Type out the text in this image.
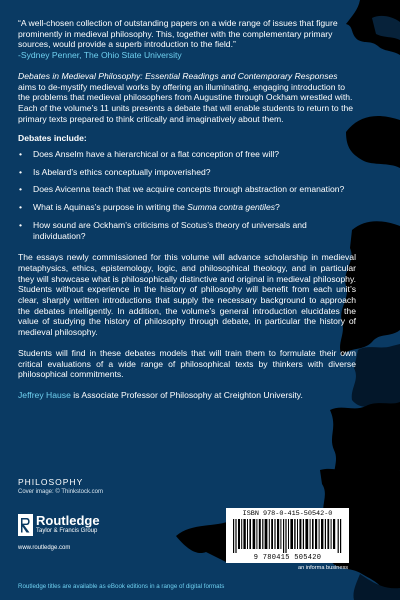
“A well-chosen collection of outstanding papers on a wide range of issues that figure prominently in medieval philosophy. This, together with the complementary primary sources, would provide a superb introduction to the field.”
-Sydney Penner, The Ohio State University

Debates in Medieval Philosophy: Essential Readings and Contemporary Responses aims to de-mystify medieval works by offering an illuminating, engaging introduction to the problems that medieval philosophers from Augustine through Ockham wrestled with. Each of the volume’s 11 units presents a debate that will enable students to return to the primary texts prepared to think critically and imaginatively about them.

Debates include:

• Does Anselm have a hierarchical or a flat conception of free will?
• Is Abelard’s ethics conceptually impoverished?
• Does Avicenna teach that we acquire concepts through abstraction or emanation?
• What is Aquinas’s purpose in writing the Summa contra gentiles?
• How sound are Ockham’s criticisms of Scotus’s theory of universals and individuation?

The essays newly commissioned for this volume will advance scholarship in medieval metaphysics, ethics, epistemology, logic, and philosophical theology, and in particular they will showcase what is philosophically distinctive and original in medieval philosophy. Students without experience in the history of philosophy will benefit from each unit’s clear, sharply written introductions that supply the necessary background to approach the debates intelligently. In addition, the volume’s general introduction elucidates the value of studying the history of philosophy through debate, in particular the history of medieval philosophy.

Students will find in these debates models that will train them to formulate their own critical evaluations of a wide range of philosophical texts by thinkers with diverse philosophical commitments.

Jeffrey Hause is Associate Professor of Philosophy at Creighton University.

PHILOSOPHY
Cover image: © Thinkstock.com
Routledge
Taylor & Francis Group
www.routledge.com
ISBN 978-0-415-50542-0
9 780415 505420
an informa business
Routledge titles are available as eBook editions in a range of digital formats
